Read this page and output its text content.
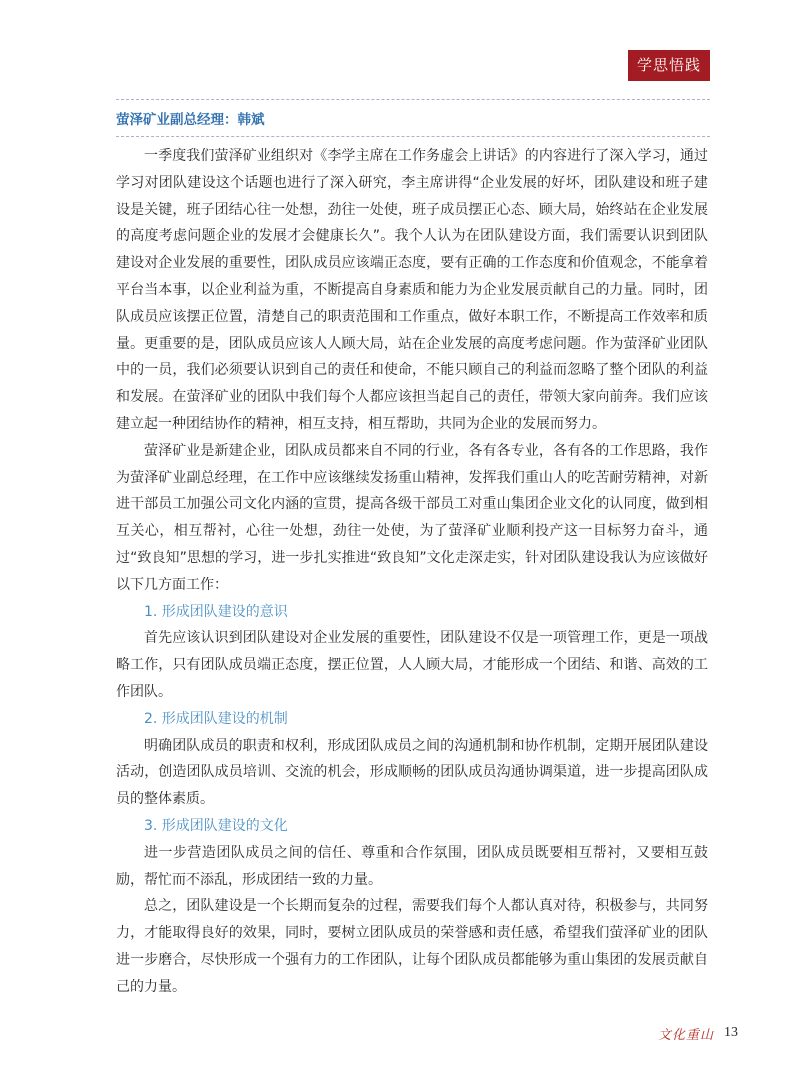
学思悟践
萤泽矿业副总经理：韩斌

一季度我们萤泽矿业组织对《李学主席在工作务虚会上讲话》的内容进行了深入学习，通过学习对团队建设这个话题也进行了深入研究，李主席讲得“企业发展的好坏，团队建设和班子建设是关键，班子团结心往一处想，劲往一处使，班子成员摆正心态、顾大局，始终站在企业发展的高度考虑问题企业的发展才会健康长久”。我个人认为在团队建设方面，我们需要认识到团队建设对企业发展的重要性，团队成员应该端正态度，要有正确的工作态度和价值观念，不能拿着平台当本事，以企业利益为重，不断提高自身素质和能力为企业发展贡献自己的力量。同时，团队成员应该摆正位置，清楚自己的职责范围和工作重点，做好本职工作，不断提高工作效率和质量。更重要的是，团队成员应该人人顾大局，站在企业发展的高度考虑问题。作为萤泽矿业团队中的一员，我们必须要认识到自己的责任和使命，不能只顾自己的利益而忽略了整个团队的利益和发展。在萤泽矿业的团队中我们每个人都应该担当起自己的责任，带领大家向前奔。我们应该建立起一种团结协作的精神，相互支持，相互帮助，共同为企业的发展而努力。

萤泽矿业是新建企业，团队成员都来自不同的行业，各有各专业，各有各的工作思路，我作为萤泽矿业副总经理，在工作中应该继续发扬重山精神，发挥我们重山人的吃苦耐劳精神，对新进干部员工加强公司文化内涵的宣贯，提高各级干部员工对重山集团企业文化的认同度，做到相互关心，相互帮衬，心往一处想，劲往一处使，为了萤泽矿业顺利投产这一目标努力奋斗，通过“致良知”思想的学习，进一步扎实推进“致良知”文化走深走实，针对团队建设我认为应该做好以下几方面工作：

1. 形成团队建设的意识

首先应该认识到团队建设对企业发展的重要性，团队建设不仅是一项管理工作，更是一项战略工作，只有团队成员端正态度，摆正位置，人人顾大局，才能形成一个团结、和谐、高效的工作团队。

2. 形成团队建设的机制

明确团队成员的职责和权利，形成团队成员之间的沟通机制和协作机制，定期开展团队建设活动，创造团队成员培训、交流的机会，形成顺畅的团队成员沟通协调渠道，进一步提高团队成员的整体素质。

3. 形成团队建设的文化

进一步营造团队成员之间的信任、尊重和合作氛围，团队成员既要相互帮衬，又要相互鼓励，帮忙而不添乱，形成团结一致的力量。

总之，团队建设是一个长期而复杂的过程，需要我们每个人都认真对待，积极参与，共同努力，才能取得良好的效果，同时，要树立团队成员的荣誉感和责任感，希望我们萤泽矿业的团队进一步磨合，尽快形成一个强有力的工作团队，让每个团队成员都能够为重山集团的发展贡献自己的力量。

文化重山 13
